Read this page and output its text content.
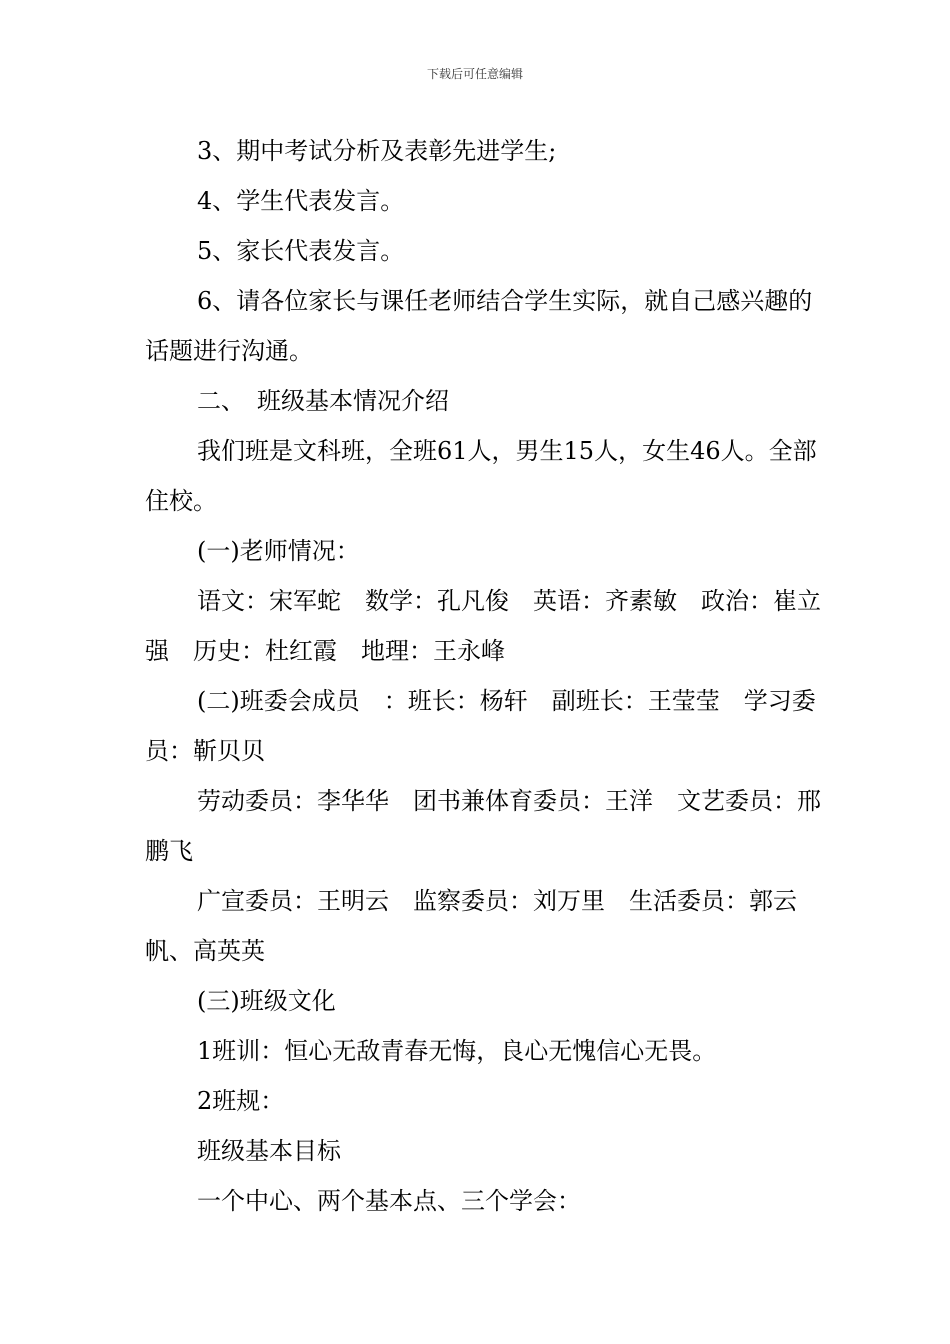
下载后可任意编辑

3、期中考试分析及表彰先进学生;

4、学生代表发言。

5、家长代表发言。

6、请各位家长与课任老师结合学生实际，就自己感兴趣的话题进行沟通。

二、　班级基本情况介绍

我们班是文科班，全班61人，男生15人，女生46人。全部住校。

(一)老师情况：

语文：宋军蛇　数学：孔凡俊　英语：齐素敏　政治：崔立强　历史：杜红霞　地理：王永峰

(二)班委会成员　：班长：杨轩　副班长：王莹莹　学习委员：靳贝贝

劳动委员：李华华　团书兼体育委员：王洋　文艺委员：邢鹏飞

广宣委员：王明云　监察委员：刘万里　生活委员：郭云帆、高英英

(三)班级文化

1班训：恒心无敌青春无悔，良心无愧信心无畏。

2班规：

班级基本目标

一个中心、两个基本点、三个学会：
